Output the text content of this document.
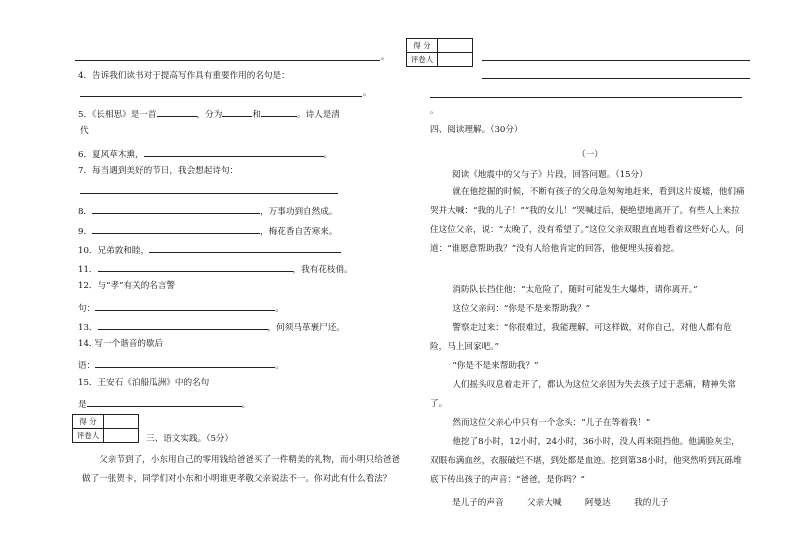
。
4．告诉我们读书对于提高写作具有重要作用的名句是：
。
5．《长相思》是一首	，分为	和	。诗人是清
代
6．夏风草木熏，	。
7．每当遇到美好的节日，我会想起诗句：
8．	，万事功到自然成。
9．	，梅花香自苦寒来。
10．兄弟敦和睦，
11．	，我有花枝俏。
12．与“孝”有关的名言警
句：	。
13．	，何须马革裹尸还。
14. 写一个谐音的歇后
语：	。
15．王安石《泊船瓜洲》中的名句
是	。
得 分	
评卷人		三、语文实践。（5分）
父亲节到了，小东用自己的零用钱给爸爸买了一件精美的礼物，而小明只给爸爸做了一张贺卡，同学们对小东和小明谁更孝敬父亲说法不一。你对此有什么看法？
得 分	
评卷人	
。
四、阅读理解。（30分）
（一）
阅读《地震中的父与子》片段，回答问题。（15分）
就在他挖掘的时候，不断有孩子的父母急匆匆地赶来，看到这片废墟，他们痛哭并大喊：“我的儿子！”“我的女儿！”哭喊过后，便绝望地离开了。有些人上来拉住这位父亲，说：“太晚了，没有希望了。”这位父亲双眼直直地看着这些好心人，问道：“谁愿意帮助我？”没有人给他肯定的回答，他便埋头接着挖。
消防队长挡住他：“太危险了，随时可能发生大爆炸，请你离开。”
这位父亲问：“你是不是来帮助我？”
警察走过来：“你很难过，我能理解，可这样做，对你自己，对他人都有危险，马上回家吧。”
“你是不是来帮助我？”
人们摇头叹息着走开了，都认为这位父亲因为失去孩子过于悲痛，精神失常了。
然而这位父亲心中只有一个念头：“儿子在等着我！”
他挖了8小时，12小时，24小时，36小时，没人再来阻挡他。他满脸灰尘，双眼布满血丝，衣服破烂不堪，到处都是血迹。挖到第38小时，他突然听到瓦砾堆底下传出孩子的声音：“爸爸，是你吗？”
是儿子的声音	父亲大喊	阿曼达	我的儿子
